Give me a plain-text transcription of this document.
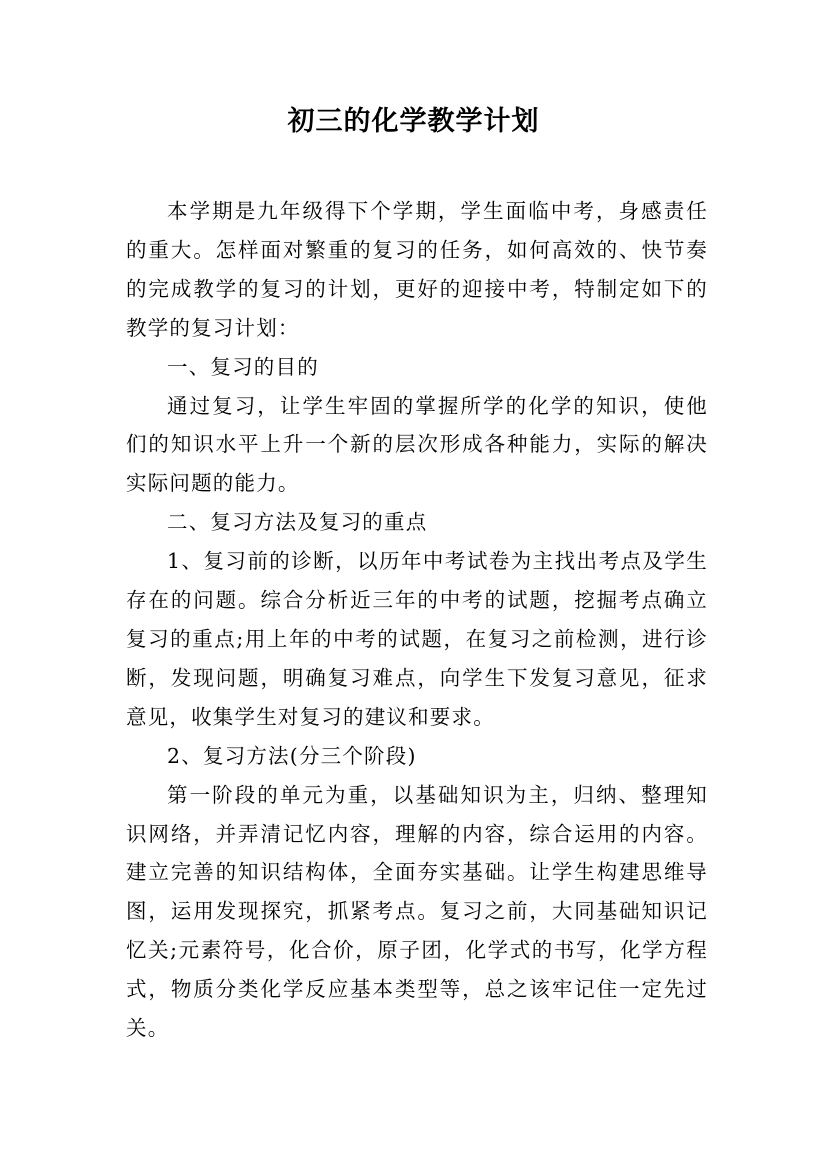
初三的化学教学计划

本学期是九年级得下个学期，学生面临中考，身感责任的重大。怎样面对繁重的复习的任务，如何高效的、快节奏的完成教学的复习的计划，更好的迎接中考，特制定如下的教学的复习计划：

一、复习的目的

通过复习，让学生牢固的掌握所学的化学的知识，使他们的知识水平上升一个新的层次形成各种能力，实际的解决实际问题的能力。

二、复习方法及复习的重点

1、复习前的诊断，以历年中考试卷为主找出考点及学生存在的问题。综合分析近三年的中考的试题，挖掘考点确立复习的重点;用上年的中考的试题，在复习之前检测，进行诊断，发现问题，明确复习难点，向学生下发复习意见，征求意见，收集学生对复习的建议和要求。

2、复习方法(分三个阶段)

第一阶段的单元为重，以基础知识为主，归纳、整理知识网络，并弄清记忆内容，理解的内容，综合运用的内容。建立完善的知识结构体，全面夯实基础。让学生构建思维导图，运用发现探究，抓紧考点。复习之前，大同基础知识记忆关;元素符号，化合价，原子团，化学式的书写，化学方程式，物质分类化学反应基本类型等，总之该牢记住一定先过关。
